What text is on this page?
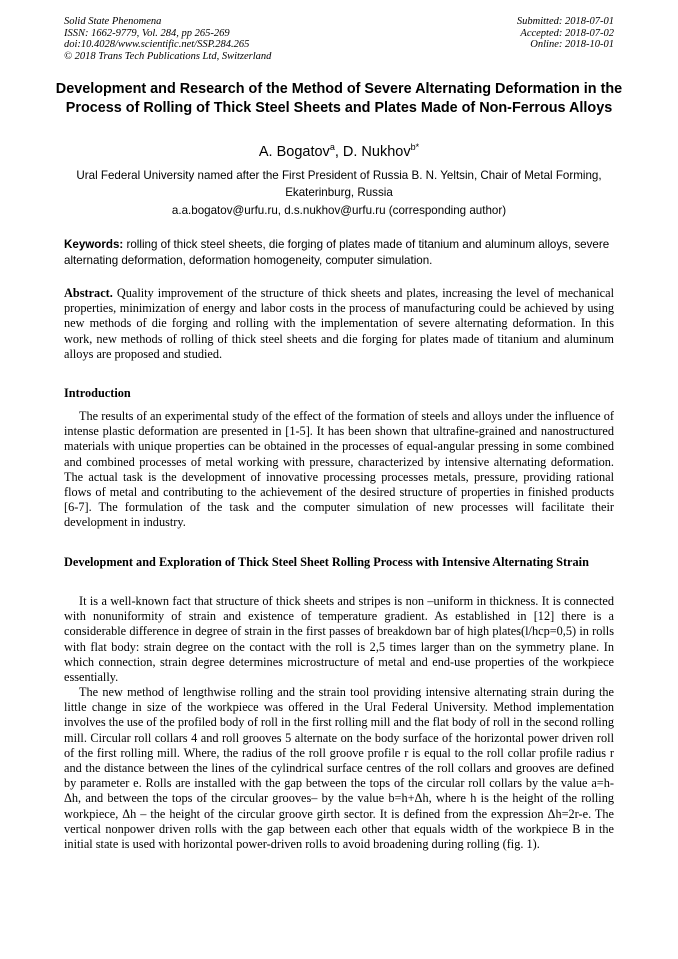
Solid State Phenomena
ISSN: 1662-9779, Vol. 284, pp 265-269
doi:10.4028/www.scientific.net/SSP.284.265
© 2018 Trans Tech Publications Ltd, Switzerland
Submitted: 2018-07-01
Accepted: 2018-07-02
Online: 2018-10-01
Development and Research of the Method of Severe Alternating Deformation in the Process of Rolling of Thick Steel Sheets and Plates Made of Non-Ferrous Alloys
A. Bogatov$^a$, D. Nukhov$^{b*}$
Ural Federal University named after the First President of Russia B. N. Yeltsin, Chair of Metal Forming, Ekaterinburg, Russia
a.a.bogatov@urfu.ru, d.s.nukhov@urfu.ru (corresponding author)
Keywords: rolling of thick steel sheets, die forging of plates made of titanium and aluminum alloys, severe alternating deformation, deformation homogeneity, computer simulation.
Abstract. Quality improvement of the structure of thick sheets and plates, increasing the level of mechanical properties, minimization of energy and labor costs in the process of manufacturing could be achieved by using new methods of die forging and rolling with the implementation of severe alternating deformation. In this work, new methods of rolling of thick steel sheets and die forging for plates made of titanium and aluminum alloys are proposed and studied.
Introduction

The results of an experimental study of the effect of the formation of steels and alloys under the influence of intense plastic deformation are presented in [1-5]. It has been shown that ultrafine-grained and nanostructured materials with unique properties can be obtained in the processes of equal-angular pressing in some combined and combined processes of metal working with pressure, characterized by intensive alternating deformation. The actual task is the development of innovative processing processes metals, pressure, providing rational flows of metal and contributing to the achievement of the desired structure of properties in finished products [6-7]. The formulation of the task and the computer simulation of new processes will facilitate their development in industry.

Development and Exploration of Thick Steel Sheet Rolling Process with Intensive Alternating Strain

It is a well-known fact that structure of thick sheets and stripes is non –uniform in thickness. It is connected with nonuniformity of strain and existence of temperature gradient. As established in [12] there is a considerable difference in degree of strain in the first passes of breakdown bar of high plates(l/hcp=0,5) in rolls with flat body: strain degree on the contact with the roll is 2,5 times larger than on the symmetry plane. In which connection, strain degree determines microstructure of metal and end-use properties of the workpiece essentially.

The new method of lengthwise rolling and the strain tool providing intensive alternating strain during the little change in size of the workpiece was offered in the Ural Federal University. Method implementation involves the use of the profiled body of roll in the first rolling mill and the flat body of roll in the second rolling mill. Circular roll collars 4 and roll grooves 5 alternate on the body surface of the horizontal power driven roll of the first rolling mill. Where, the radius of the roll groove profile r is equal to the roll collar profile radius r and the distance between the lines of the cylindrical surface centres of the roll collars and grooves are defined by parameter e. Rolls are installed with the gap between the tops of the circular roll collars by the value a=h-Δh, and between the tops of the circular grooves– by the value b=h+Δh, where h is the height of the rolling workpiece, Δh – the height of the circular groove girth sector. It is defined from the expression Δh=2r-e. The vertical nonpower driven rolls with the gap between each other that equals width of the workpiece B in the initial state is used with horizontal power-driven rolls to avoid broadening during rolling (fig. 1).
